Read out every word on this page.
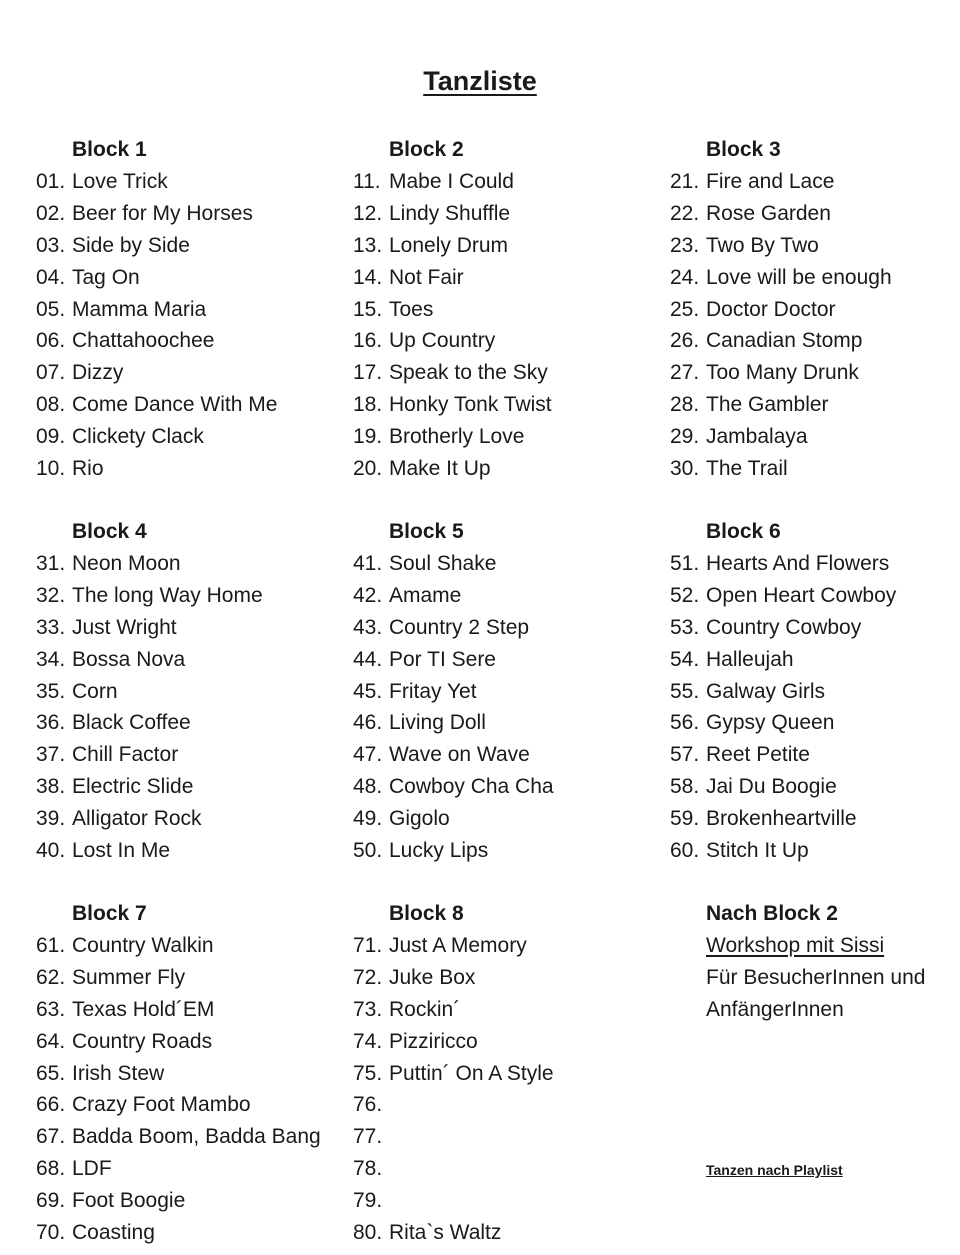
Tanzliste
Block 1
01. Love Trick
02. Beer for My Horses
03. Side by Side
04. Tag On
05. Mamma Maria
06. Chattahoochee
07. Dizzy
08. Come Dance With Me
09. Clickety Clack
10. Rio
Block 2
11. Mabe I Could
12. Lindy Shuffle
13. Lonely Drum
14. Not Fair
15. Toes
16. Up Country
17. Speak to the Sky
18. Honky Tonk Twist
19. Brotherly Love
20. Make It Up
Block 3
21. Fire and Lace
22. Rose Garden
23. Two By Two
24. Love will be enough
25. Doctor Doctor
26. Canadian Stomp
27. Too Many Drunk
28. The Gambler
29. Jambalaya
30. The Trail
Block 4
31. Neon Moon
32. The long Way Home
33. Just Wright
34. Bossa Nova
35. Corn
36. Black Coffee
37. Chill Factor
38. Electric Slide
39. Alligator Rock
40. Lost In Me
Block 5
41. Soul Shake
42. Amame
43. Country 2 Step
44. Por TI Sere
45. Fritay Yet
46. Living Doll
47. Wave on Wave
48. Cowboy Cha Cha
49. Gigolo
50. Lucky Lips
Block 6
51. Hearts And Flowers
52. Open Heart Cowboy
53. Country Cowboy
54. Halleujah
55. Galway Girls
56. Gypsy Queen
57. Reet Petite
58. Jai Du Boogie
59. Brokenheartville
60. Stitch It Up
Block 7
61. Country Walkin
62. Summer Fly
63. Texas Hold´EM
64. Country Roads
65. Irish Stew
66. Crazy Foot Mambo
67. Badda Boom, Badda Bang
68. LDF
69. Foot Boogie
70. Coasting
Block 8
71. Just A Memory
72. Juke Box
73. Rockin´
74. Pizziricco
75. Puttin´ On A Style
76.
77.
78.
79.
80. Rita`s Waltz
Nach Block 2
Workshop mit Sissi
Für BesucherInnen und
AnfängerInnen
Tanzen nach Playlist
